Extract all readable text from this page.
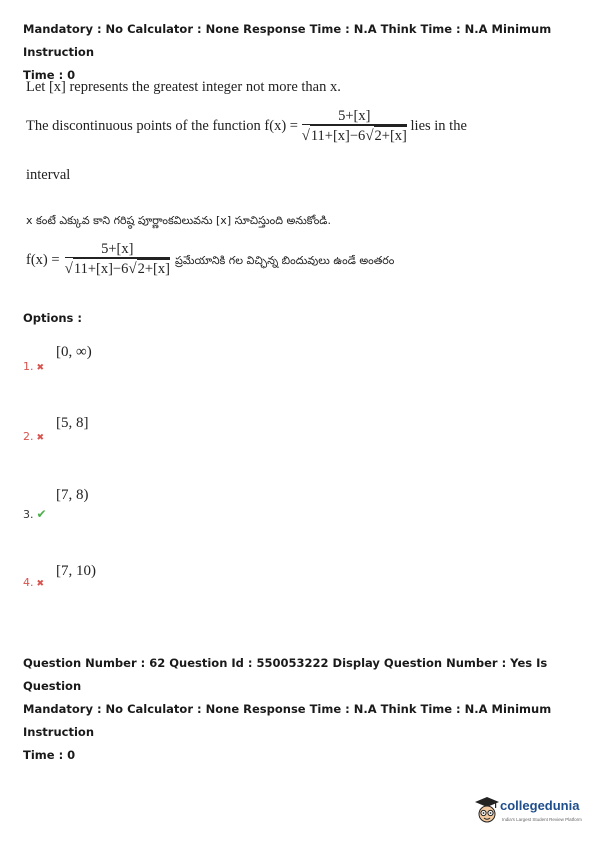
Mandatory : No Calculator : None Response Time : N.A Think Time : N.A Minimum Instruction
Time : 0
Let [x] represents the greatest integer not more than x.
The discontinuous points of the function $f(x) = \frac{5+[x]}{√11+[x]-6√2+[x]}$ lies in the
interval
x కంటే ఎక్కువ కాని గరిష్ఠ పూర్ణాంకవిలువను [x] సూచిస్తుంది అనుకోండి.
$f(x) = \frac{5+[x]}{√11+[x]-6√2+[x]}$ ప్రమేయానికి గల విచ్ఛిన్న బిందువులు ఉండే అంతరం
Options :
1. ✖
[0, ∞)
2. ✖
[5, 8]
3. ✔
[7, 8)
4. ✖
[7, 10)
Question Number : 62 Question Id : 550053222 Display Question Number : Yes Is Question
Mandatory : No Calculator : None Response Time : N.A Think Time : N.A Minimum Instruction
Time : 0
collegedunia
India's Largest Student Review Platform
